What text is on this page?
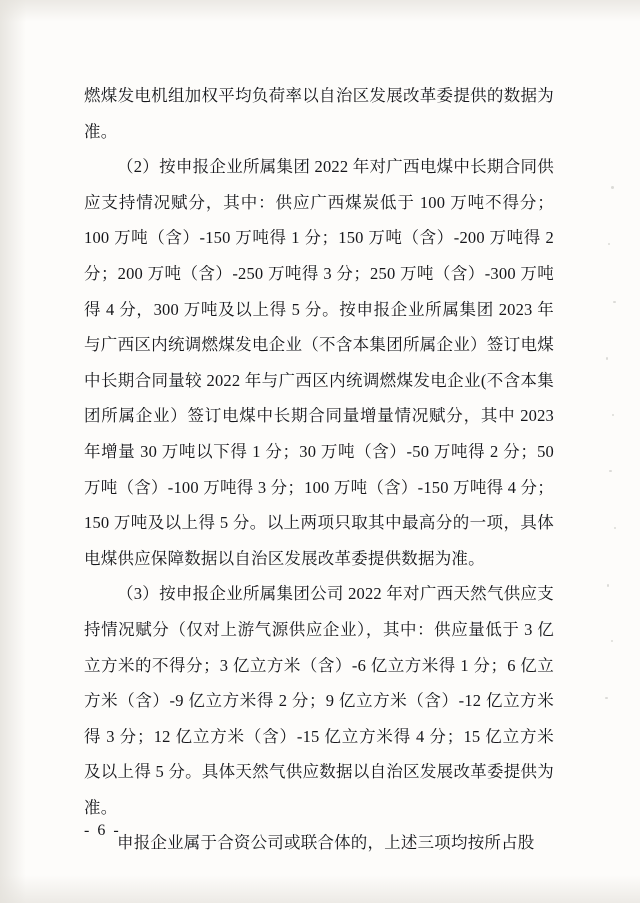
燃煤发电机组加权平均负荷率以自治区发展改革委提供的数据为准。

（2）按申报企业所属集团 2022 年对广西电煤中长期合同供应支持情况赋分，其中：供应广西煤炭低于 100 万吨不得分；100 万吨（含）-150 万吨得 1 分；150 万吨（含）-200 万吨得 2 分；200 万吨（含）-250 万吨得 3 分；250 万吨（含）-300 万吨得 4 分，300 万吨及以上得 5 分。按申报企业所属集团 2023 年与广西区内统调燃煤发电企业（不含本集团所属企业）签订电煤中长期合同量较 2022 年与广西区内统调燃煤发电企业(不含本集团所属企业）签订电煤中长期合同量增量情况赋分，其中 2023 年增量 30 万吨以下得 1 分；30 万吨（含）-50 万吨得 2 分；50 万吨（含）-100 万吨得 3 分；100 万吨（含）-150 万吨得 4 分；150 万吨及以上得 5 分。以上两项只取其中最高分的一项，具体电煤供应保障数据以自治区发展改革委提供数据为准。

（3）按申报企业所属集团公司 2022 年对广西天然气供应支持情况赋分（仅对上游气源供应企业），其中：供应量低于 3 亿立方米的不得分；3 亿立方米（含）-6 亿立方米得 1 分；6 亿立方米（含）-9 亿立方米得 2 分；9 亿立方米（含）-12 亿立方米得 3 分；12 亿立方米（含）-15 亿立方米得 4 分；15 亿立方米及以上得 5 分。具体天然气供应数据以自治区发展改革委提供为准。

申报企业属于合资公司或联合体的，上述三项均按所占股

- 6 -
